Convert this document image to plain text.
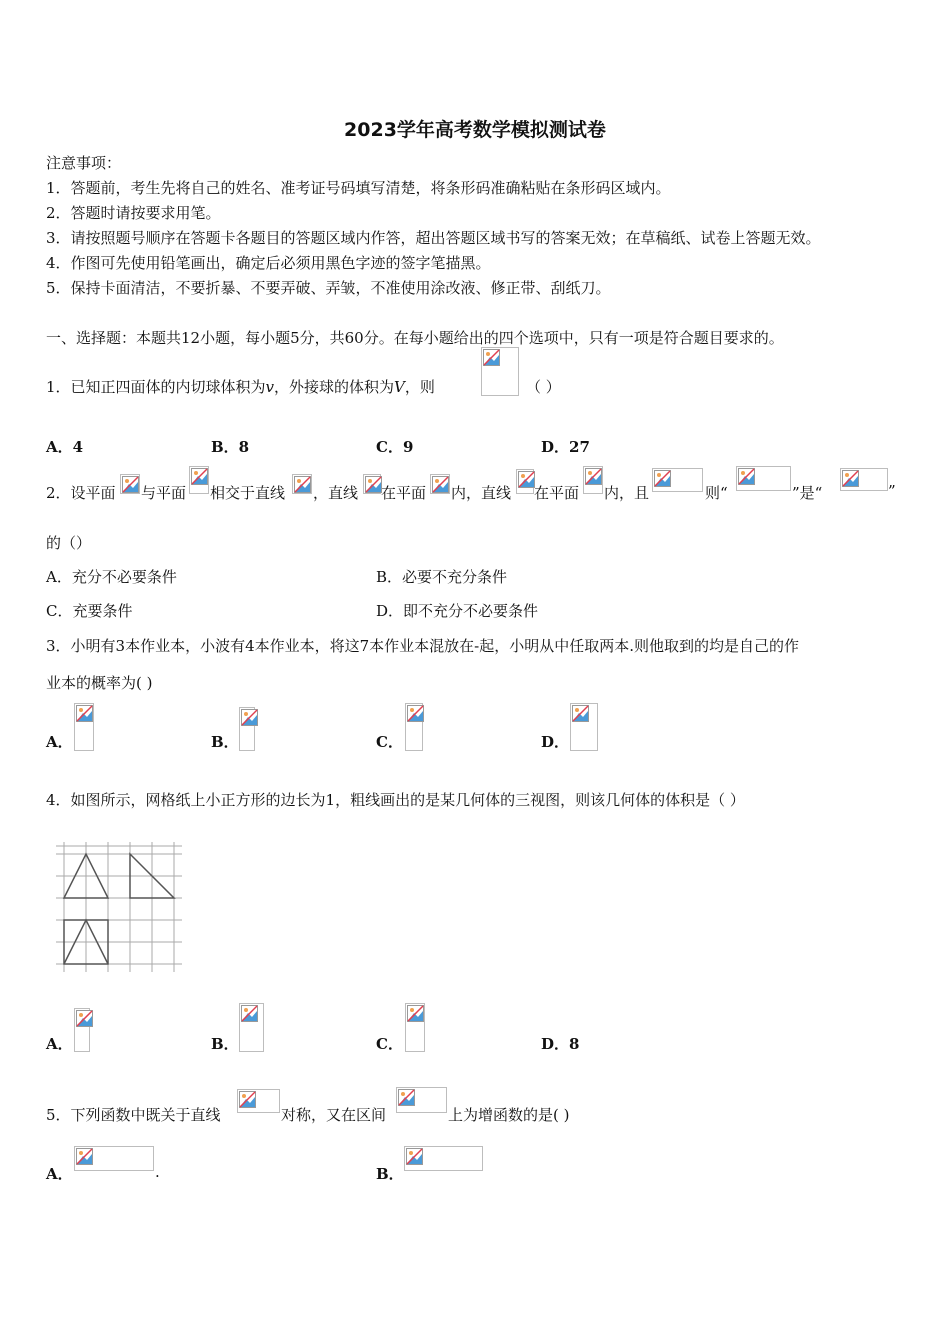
2023学年高考数学模拟测试卷
注意事项：
1．答题前，考生先将自己的姓名、准考证号码填写清楚，将条形码准确粘贴在条形码区域内。
2．答题时请按要求用笔。
3．请按照题号顺序在答题卡各题目的答题区域内作答，超出答题区域书写的答案无效；在草稿纸、试卷上答题无效。
4．作图可先使用铅笔画出，确定后必须用黑色字迹的签字笔描黑。
5．保持卡面清洁，不要折暴、不要弄破、弄皱，不准使用涂改液、修正带、刮纸刀。
一、选择题：本题共12小题，每小题5分，共60分。在每小题给出的四个选项中，只有一项是符合题目要求的。
1．已知正四面体的内切球体积为v，外接球的体积为V，则	（ ）
A．4	B．8	C．9	D．27
2．设平面 与平面 相交于直线 ，直线 在平面 内，直线 在平面 内，且	则“	”是“	”
的（）
A．充分不必要条件	B．必要不充分条件
C．充要条件	D．即不充分不必要条件
3．小明有3本作业本，小波有4本作业本，将这7本作业本混放在-起，小明从中任取两本.则他取到的均是自己的作
业本的概率为( )
A．	B．	C．	D．
4．如图所示，网格纸上小正方形的边长为1，粗线画出的是某几何体的三视图，则该几何体的体积是（ ）
A．	B．	C．	D．8
5．下列函数中既关于直线	对称，又在区间	上为增函数的是( )
A．	.	B．
